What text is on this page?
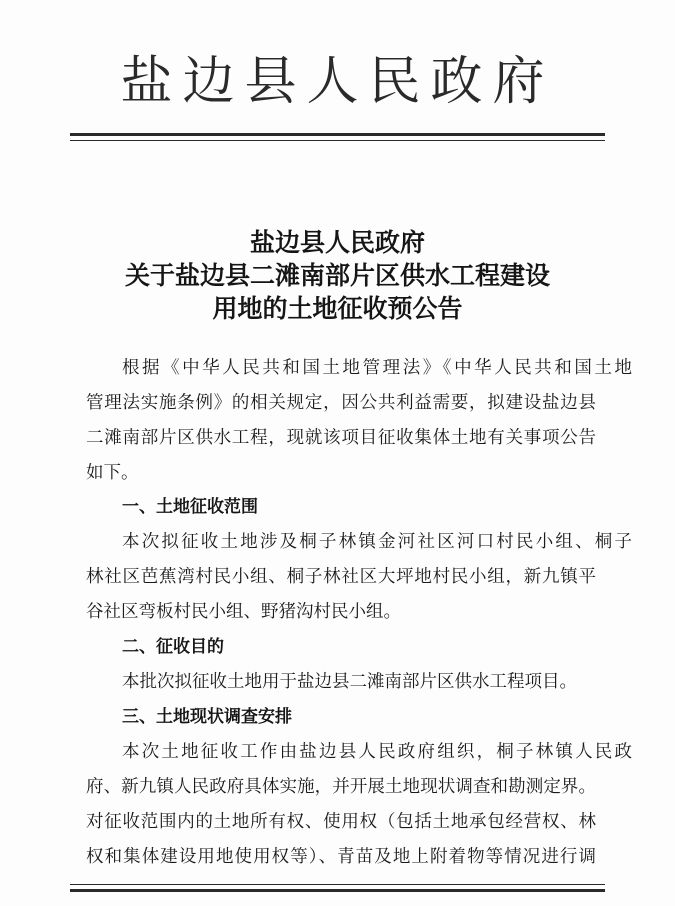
盐边县人民政府
盐边县人民政府
关于盐边县二滩南部片区供水工程建设
用地的土地征收预公告
根据《中华人民共和国土地管理法》《中华人民共和国土地
管理法实施条例》的相关规定，因公共利益需要，拟建设盐边县
二滩南部片区供水工程，现就该项目征收集体土地有关事项公告
如下。
一、土地征收范围
本次拟征收土地涉及桐子林镇金河社区河口村民小组、桐子
林社区芭蕉湾村民小组、桐子林社区大坪地村民小组，新九镇平
谷社区弯板村民小组、野猪沟村民小组。
二、征收目的
本批次拟征收土地用于盐边县二滩南部片区供水工程项目。
三、土地现状调查安排
本次土地征收工作由盐边县人民政府组织，桐子林镇人民政
府、新九镇人民政府具体实施，并开展土地现状调查和勘测定界。
对征收范围内的土地所有权、使用权（包括土地承包经营权、林
权和集体建设用地使用权等）、青苗及地上附着物等情况进行调
